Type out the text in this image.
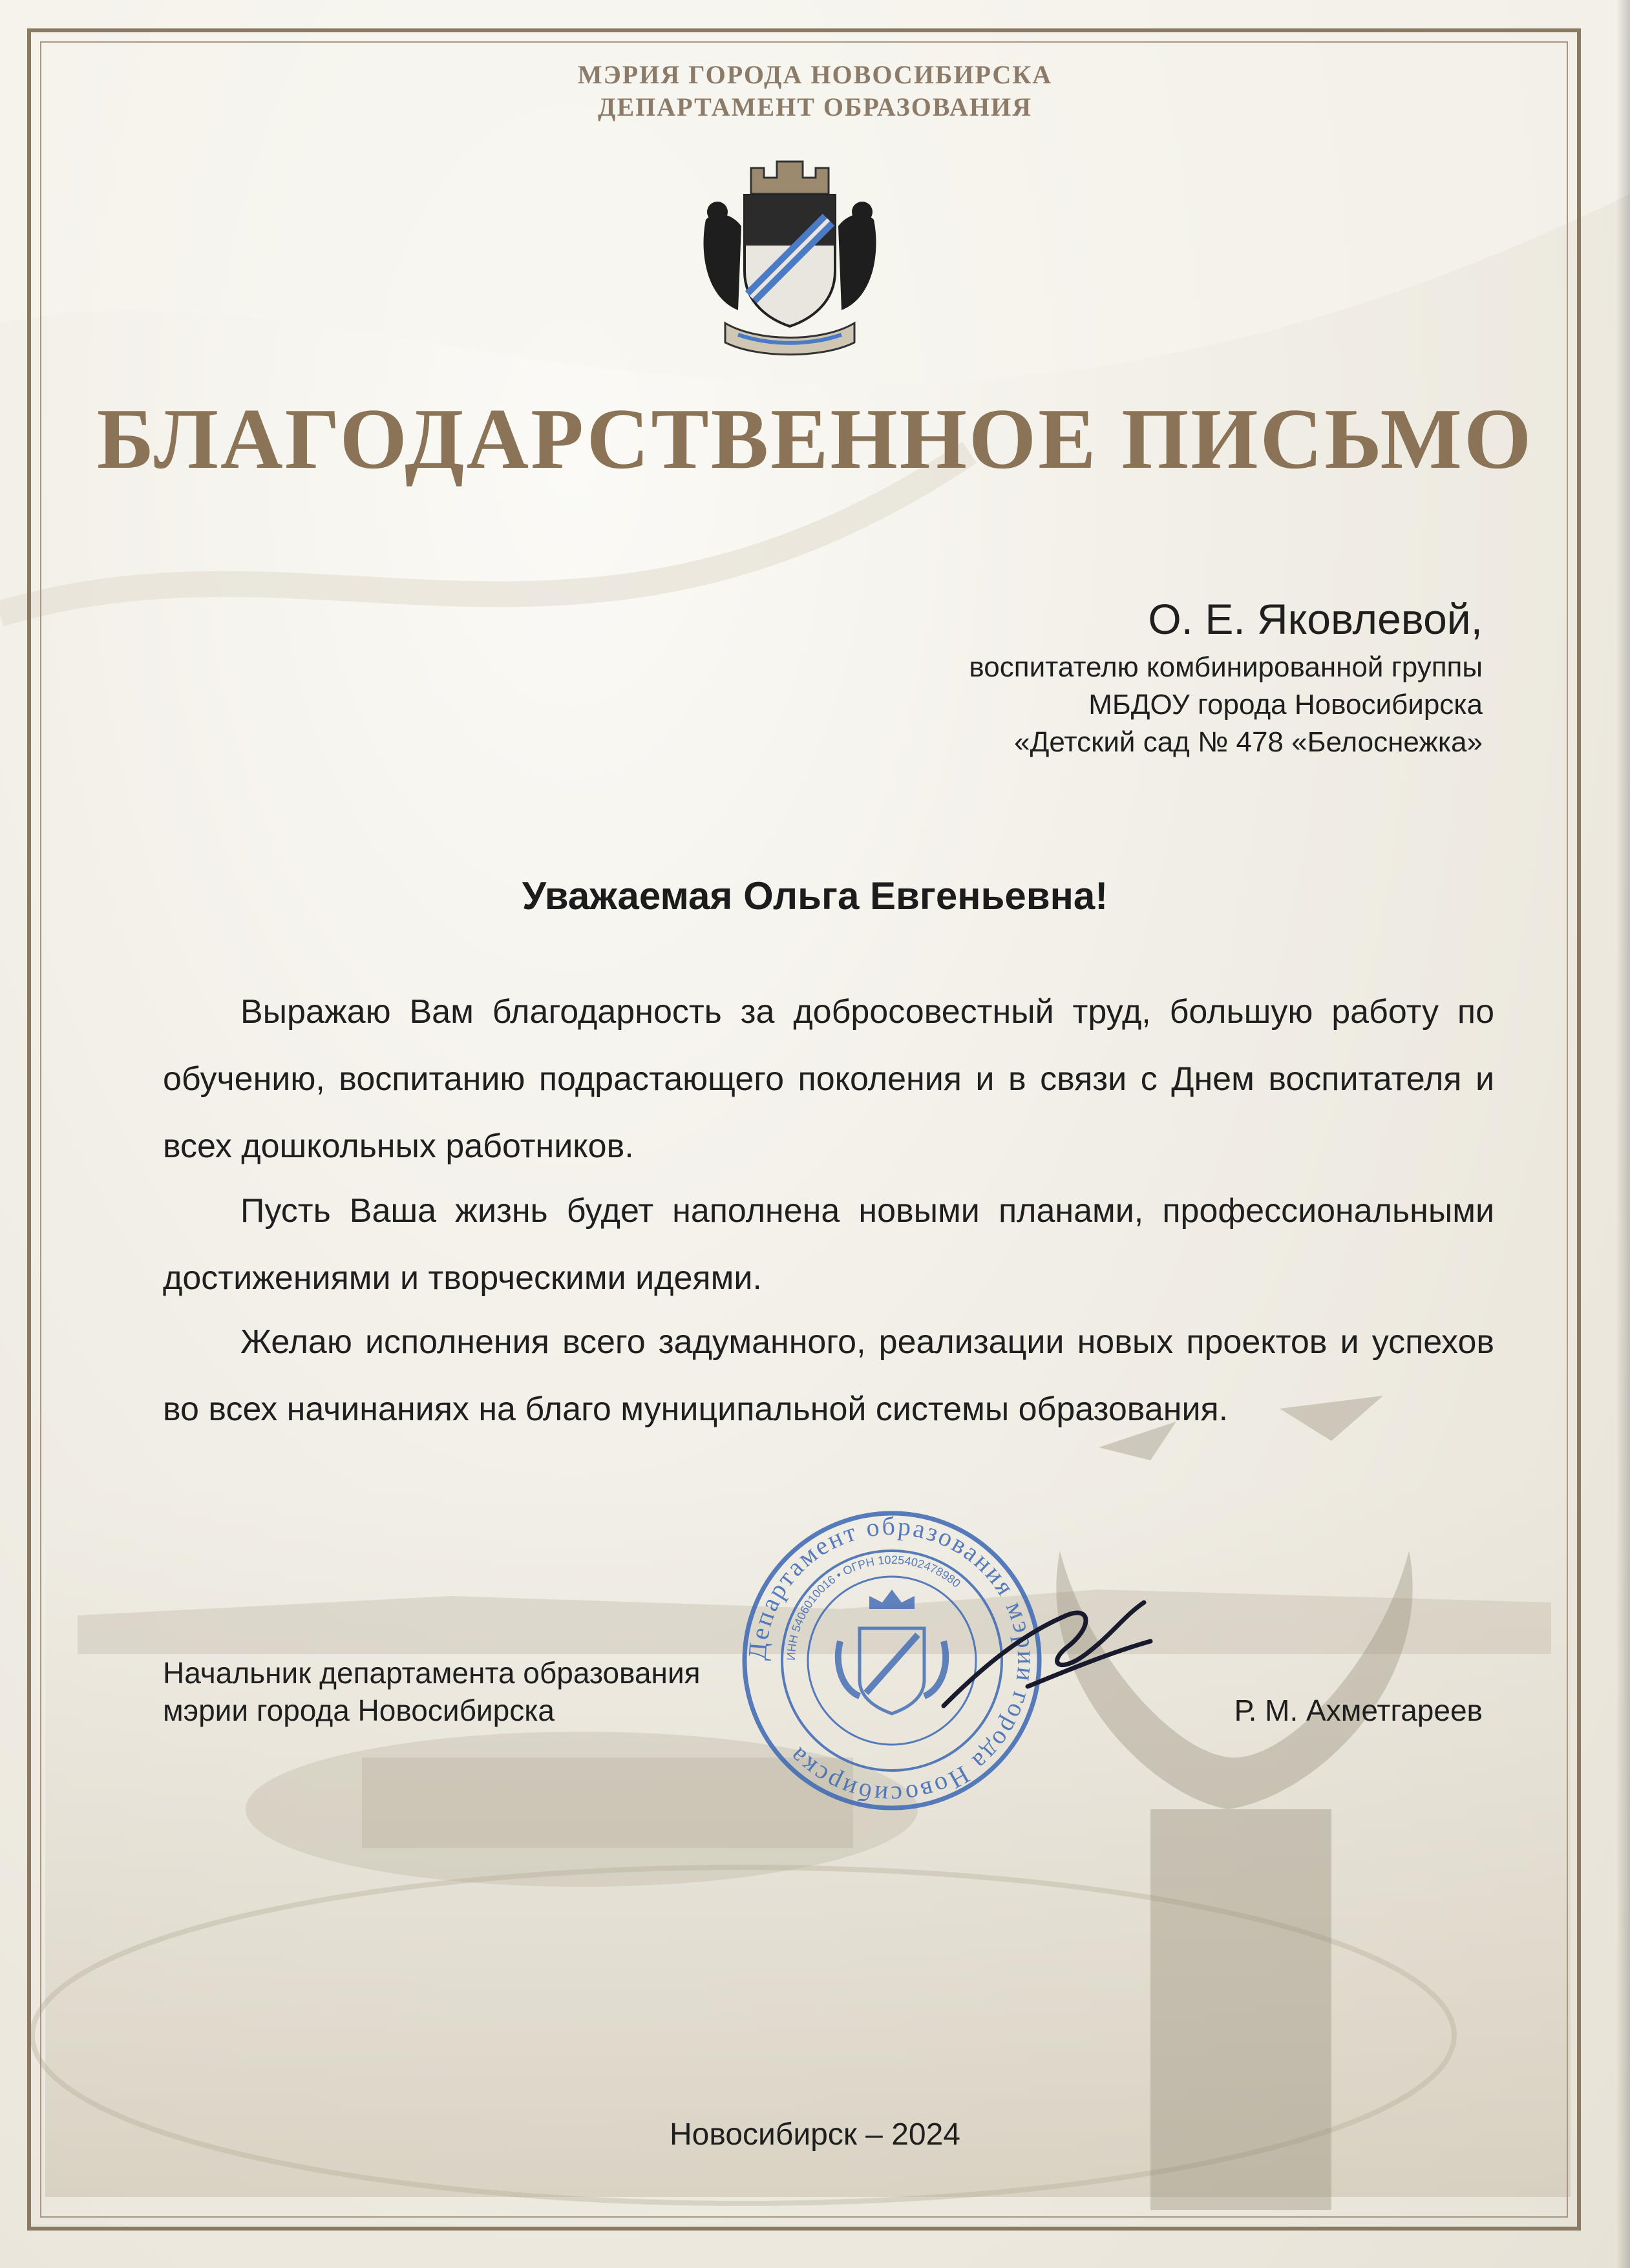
МЭРИЯ ГОРОДА НОВОСИБИРСКА
ДЕПАРТАМЕНТ ОБРАЗОВАНИЯ
БЛАГОДАРСТВЕННОЕ ПИСЬМО
О. Е. Яковлевой,
воспитателю комбинированной группы
МБДОУ города Новосибирска
«Детский сад № 478 «Белоснежка»
Уважаемая Ольга Евгеньевна!

Выражаю Вам благодарность за добросовестный труд, большую работу по обучению, воспитанию подрастающего поколения и в связи с Днем воспитателя и всех дошкольных работников.

Пусть Ваша жизнь будет наполнена новыми планами, профессиональными достижениями и творческими идеями.

Желаю исполнения всего задуманного, реализации новых проектов и успехов во всех начинаниях на благо муниципальной системы образования.

Департамент образования мэрии города Новосибирска
ИНН 5406010016 • ОГРН 1025402478980
Начальник департамента образования
мэрии города Новосибирска	Р. М. Ахметгареев
Новосибирск – 2024
